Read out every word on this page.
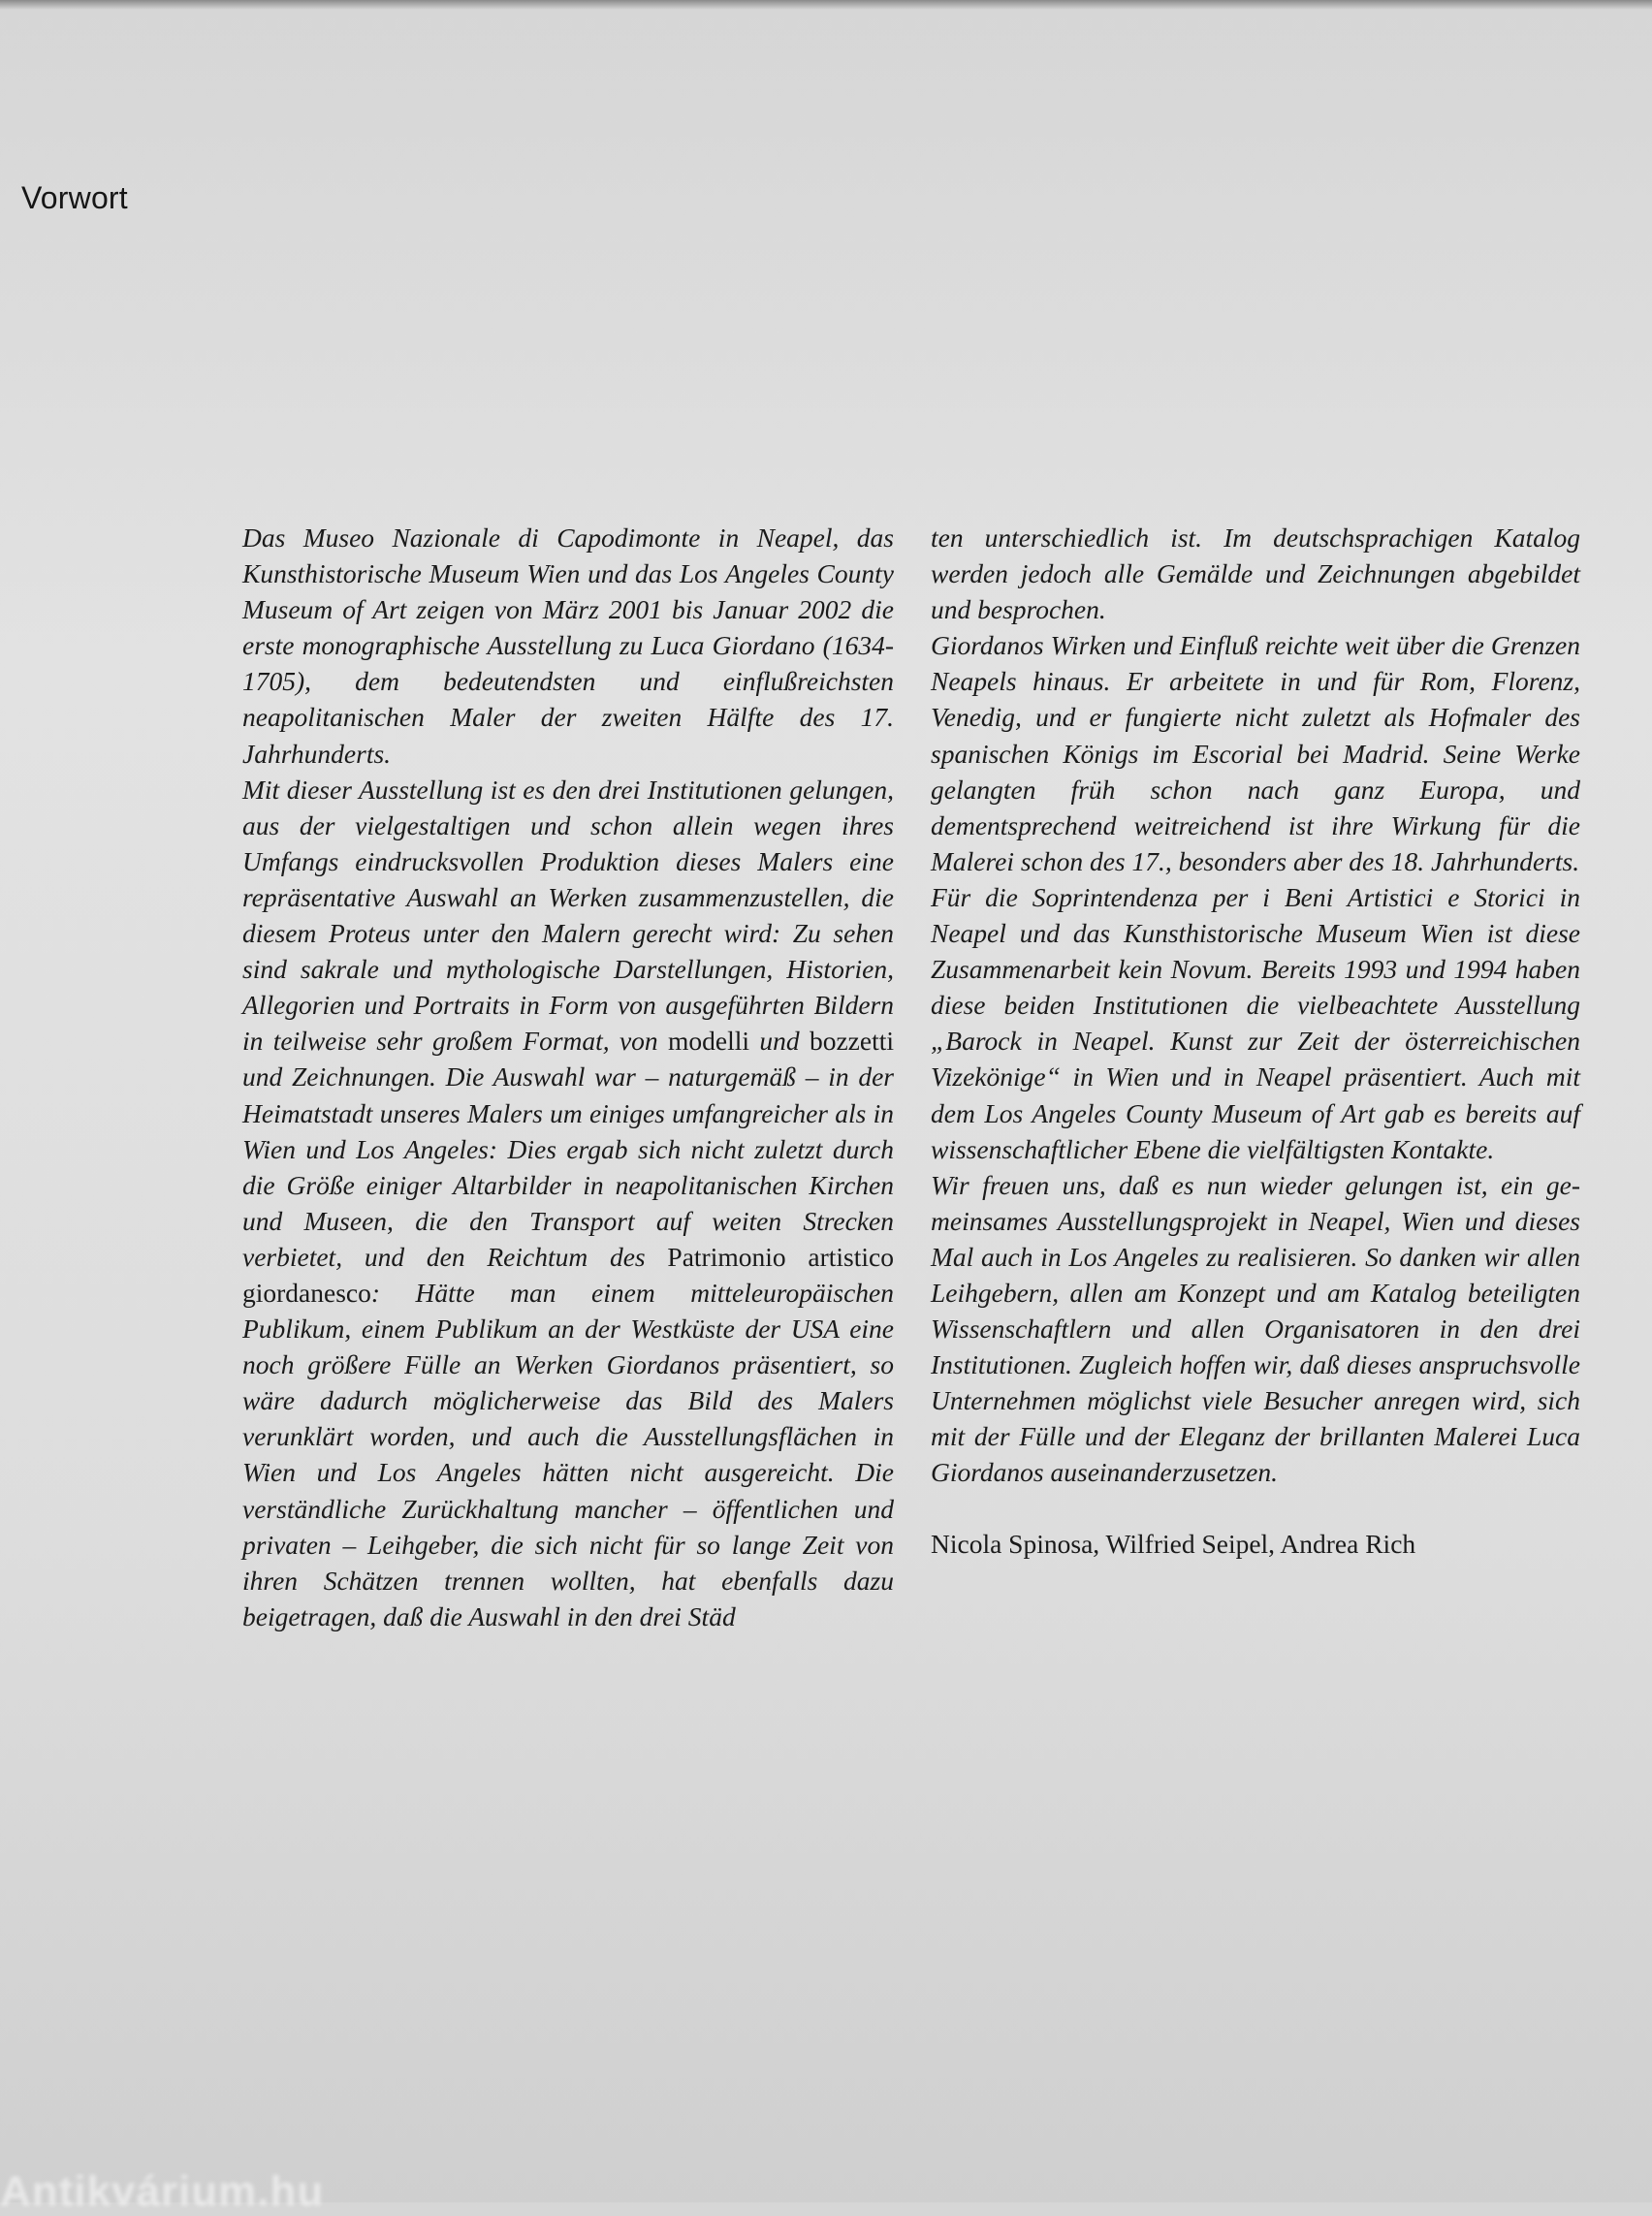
Vorwort

Das Museo Nazionale di Capodimonte in Neapel, das Kunsthistorische Museum Wien und das Los Angeles County Museum of Art zeigen von März 2001 bis Januar 2002 die erste monographische Ausstellung zu Luca Giordano (1634-1705), dem bedeutendsten und einflußreichsten neapolitanischen Maler der zweiten Hälfte des 17. Jahrhunderts.

Mit dieser Ausstellung ist es den drei Institutionen gelungen, aus der vielgestaltigen und schon allein wegen ihres Umfangs eindrucksvollen Produktion dieses Malers eine repräsentative Auswahl an Werken zusammenzustellen, die diesem Proteus unter den Malern gerecht wird: Zu sehen sind sakrale und mythologische Darstellungen, Historien, Allegorien und Portraits in Form von ausgeführten Bildern in teilweise sehr großem Format, von modelli und bozzetti und Zeichnungen. Die Auswahl war – naturgemäß – in der Heimatstadt unseres Malers um einiges umfangreicher als in Wien und Los Angeles: Dies ergab sich nicht zuletzt durch die Größe einiger Altarbilder in neapolitanischen Kirchen und Museen, die den Transport auf weiten Strecken verbietet, und den Reichtum des Patrimonio artistico giordanesco: Hätte man einem mitteleuropäischen Publikum, einem Publikum an der Westküste der USA eine noch größere Fülle an Werken Giordanos präsentiert, so wäre dadurch möglicherweise das Bild des Malers verunklärt worden, und auch die Ausstellungsflächen in Wien und Los Angeles hätten nicht ausgereicht. Die verständliche Zurückhaltung mancher – öffentlichen und privaten – Leihgeber, die sich nicht für so lange Zeit von ihren Schätzen trennen wollten, hat ebenfalls dazu beigetragen, daß die Auswahl in den drei Städ

ten unterschiedlich ist. Im deutschsprachigen Katalog werden jedoch alle Gemälde und Zeichnungen abgebildet und besprochen.

Giordanos Wirken und Einfluß reichte weit über die Grenzen Neapels hinaus. Er arbeitete in und für Rom, Florenz, Venedig, und er fungierte nicht zuletzt als Hofmaler des spanischen Königs im Escorial bei Madrid. Seine Werke gelangten früh schon nach ganz Europa, und dementsprechend weitreichend ist ihre Wirkung für die Malerei schon des 17., besonders aber des 18. Jahrhunderts.

Für die Soprintendenza per i Beni Artistici e Storici in Neapel und das Kunsthistorische Museum Wien ist diese Zusammenarbeit kein Novum. Bereits 1993 und 1994 haben diese beiden Institutionen die vielbeachtete Ausstellung „Barock in Neapel. Kunst zur Zeit der österreichischen Vizekönige“ in Wien und in Neapel präsentiert. Auch mit dem Los Angeles County Museum of Art gab es bereits auf wissenschaftlicher Ebene die vielfältigsten Kontakte.

Wir freuen uns, daß es nun wieder gelungen ist, ein gemeinsames Ausstellungsprojekt in Neapel, Wien und dieses Mal auch in Los Angeles zu realisieren. So danken wir allen Leihgebern, allen am Konzept und am Katalog beteiligten Wissenschaftlern und allen Organisatoren in den drei Institutionen. Zugleich hoffen wir, daß dieses anspruchsvolle Unternehmen möglichst viele Besucher anregen wird, sich mit der Fülle und der Eleganz der brillanten Malerei Luca Giordanos auseinanderzusetzen.

Nicola Spinosa, Wilfried Seipel, Andrea Rich

Antikvárium.hu
